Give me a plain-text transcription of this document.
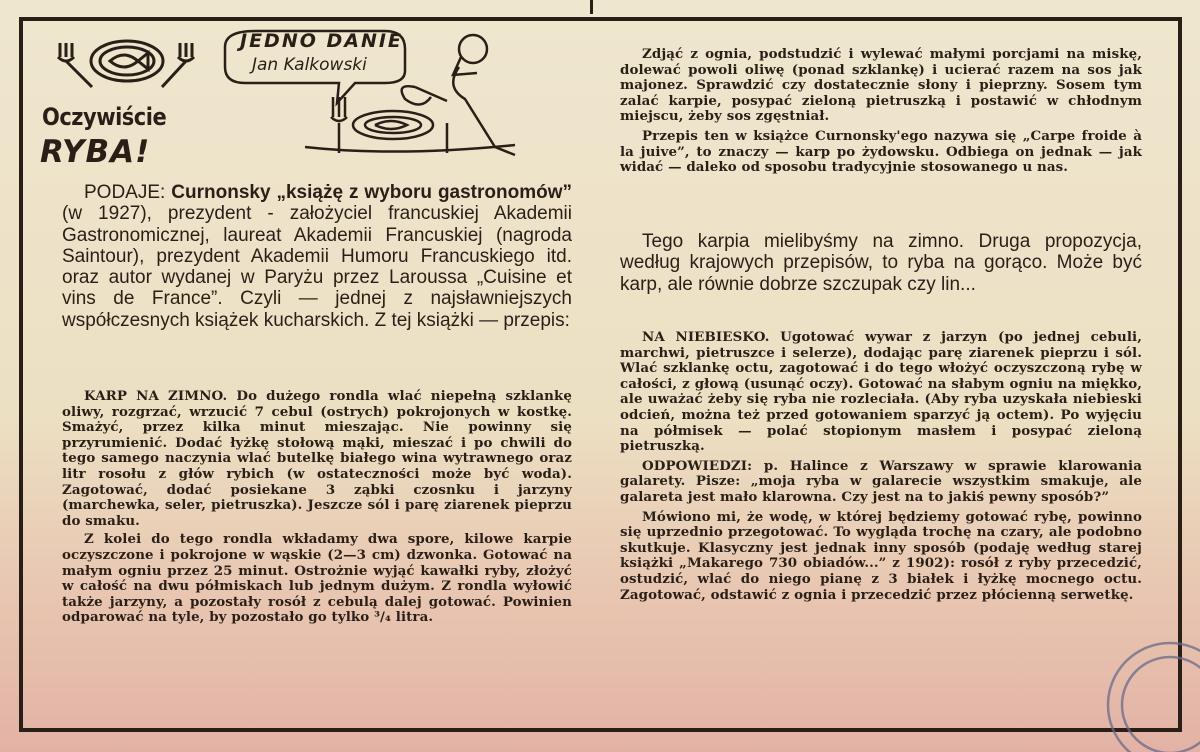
Oczywiście
RYBA!
JEDNO DANIE
Jan Kalkowski

PODAJE: Curnonsky „książę z wyboru gastronomów” (w 1927), prezydent - założyciel francuskiej Akademii Gastronomicznej, laureat Akademii Francuskiej (nagroda Saintour), prezydent Akademii Humoru Francuskiego itd. oraz autor wydanej w Paryżu przez Laroussa „Cuisine et vins de France”. Czyli — jednej z najsławniejszych współczesnych książek kucharskich. Z tej książki — przepis:

KARP NA ZIMNO. Do dużego rondla wlać niepełną szklankę oliwy, rozgrzać, wrzucić 7 cebul (ostrych) pokrojonych w kostkę. Smażyć, przez kilka minut mieszając. Nie powinny się przyrumienić. Dodać łyżkę stołową mąki, mieszać i po chwili do tego samego naczynia wlać butelkę białego wina wytrawnego oraz litr rosołu z głów rybich (w ostateczności może być woda). Zagotować, dodać posiekane 3 ząbki czosnku i jarzyny (marchewka, seler, pietruszka). Jeszcze sól i parę ziarenek pieprzu do smaku.

Z kolei do tego rondla wkładamy dwa spore, kilowe karpie oczyszczone i pokrojone w wąskie (2—3 cm) dzwonka. Gotować na małym ogniu przez 25 minut. Ostrożnie wyjąć kawałki ryby, złożyć w całość na dwu półmiskach lub jednym dużym. Z rondla wyłowić także jarzyny, a pozostały rosół z cebulą dalej gotować. Powinien odparować na tyle, by pozostało go tylko ³/₄ litra.

Zdjąć z ognia, podstudzić i wylewać małymi porcjami na miskę, dolewać powoli oliwę (ponad szklankę) i ucierać razem na sos jak majonez. Sprawdzić czy dostatecznie słony i pieprzny. Sosem tym zalać karpie, posypać zieloną pietruszką i postawić w chłodnym miejscu, żeby sos zgęstniał.

Przepis ten w książce Curnonsky'ego nazywa się „Carpe froide à la juive”, to znaczy — karp po żydowsku. Odbiega on jednak — jak widać — daleko od sposobu tradycyjnie stosowanego u nas.

Tego karpia mielibyśmy na zimno. Druga propozycja, według krajowych przepisów, to ryba na gorąco. Może być karp, ale równie dobrze szczupak czy lin...

NA NIEBIESKO. Ugotować wywar z jarzyn (po jednej cebuli, marchwi, pietruszce i selerze), dodając parę ziarenek pieprzu i sól. Wlać szklankę octu, zagotować i do tego włożyć oczyszczoną rybę w całości, z głową (usunąć oczy). Gotować na słabym ogniu na miękko, ale uważać żeby się ryba nie rozleciała. (Aby ryba uzyskała niebieski odcień, można też przed gotowaniem sparzyć ją octem). Po wyjęciu na półmisek — polać stopionym masłem i posypać zieloną pietruszką.

ODPOWIEDZI: p. Halince z Warszawy w sprawie klarowania galarety. Pisze: „moja ryba w galarecie wszystkim smakuje, ale galareta jest mało klarowna. Czy jest na to jakiś pewny sposób?”

Mówiono mi, że wodę, w której będziemy gotować rybę, powinno się uprzednio przegotować. To wygląda trochę na czary, ale podobno skutkuje. Klasyczny jest jednak inny sposób (podaję według starej książki „Makarego 730 obiadów...” z 1902): rosół z ryby przecedzić, ostudzić, wlać do niego pianę z 3 białek i łyżkę mocnego octu. Zagotować, odstawić z ognia i przecedzić przez płócienną serwetkę.
